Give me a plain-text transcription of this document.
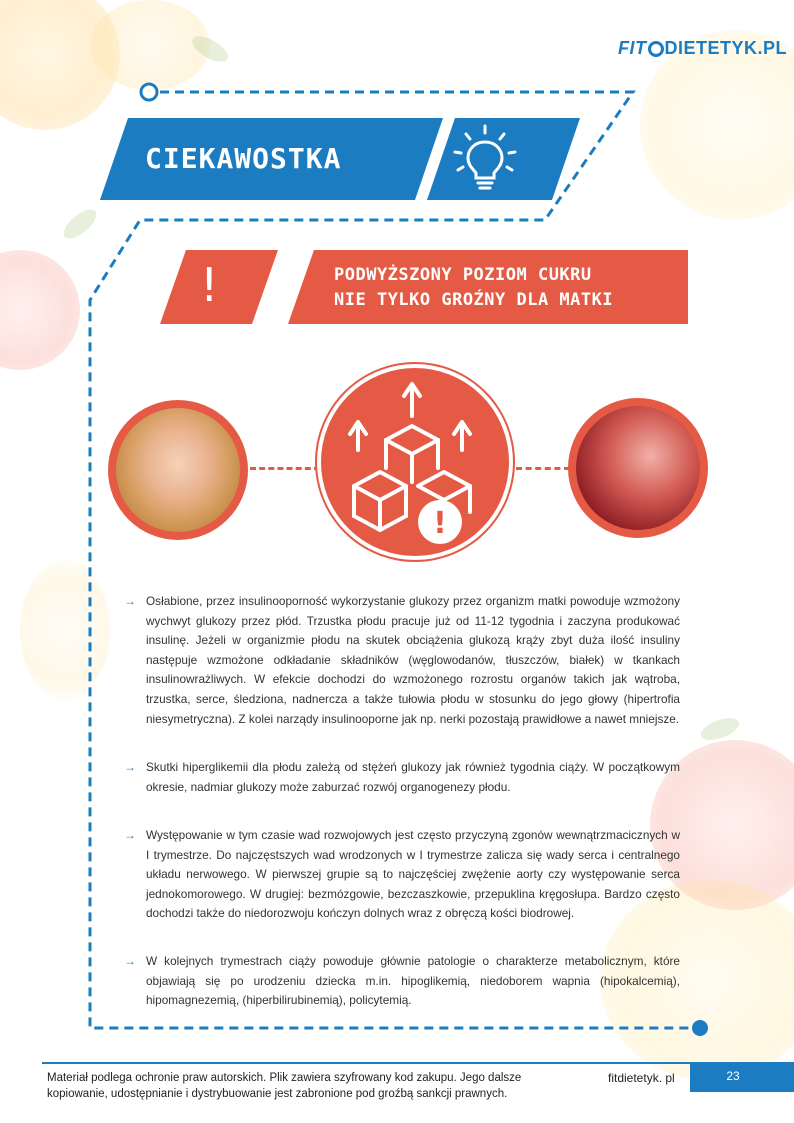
FIT DIETETYK.PL
CIEKAWOSTKA
!	PODWYŻSZONY POZIOM CUKRU
NIE TYLKO GROŹNY DLA MATKI
!
→ Osłabione, przez insulinooporność wykorzystanie glukozy przez organizm matki powoduje wzmożony wychwyt glukozy przez płód. Trzustka płodu pracuje już od 11-12 tygodnia i zaczyna produkować insulinę. Jeżeli w organizmie płodu na skutek obciążenia glukozą krąży zbyt duża ilość insuliny następuje wzmożone odkładanie składników (węglowodanów, tłuszczów, białek) w tkankach insulinowrażliwych. W efekcie dochodzi do wzmożonego rozrostu organów takich jak wątroba, trzustka, serce, śledziona, nadnercza a także tułowia płodu w stosunku do jego głowy (hipertrofia niesymetryczna). Z kolei narządy insulinooporne jak np. nerki pozostają prawidłowe a nawet mniejsze.
→ Skutki hiperglikemii dla płodu zależą od stężeń glukozy jak również tygodnia ciąży. W początkowym okresie, nadmiar glukozy może zaburzać rozwój organogenezy płodu.
→ Występowanie w tym czasie wad rozwojowych jest często przyczyną zgonów wewnątrzmacicznych w I trymestrze. Do najczęstszych wad wrodzonych w I trymestrze zalicza się wady serca i centralnego układu nerwowego. W pierwszej grupie są to najczęściej zwężenie aorty czy występowanie serca jednokomorowego. W drugiej: bezmózgowie, bezczaszkowie, przepuklina kręgosłupa. Bardzo często dochodzi także do niedorozwoju kończyn dolnych wraz z obręczą kości biodrowej.
→ W kolejnych trymestrach ciąży powoduje głównie patologie o charakterze metabolicznym, które objawiają się po urodzeniu dziecka m.in. hipoglikemią, niedoborem wapnia (hipokalcemią), hipomagnezemią, (hiperbilirubinemią), policytemią.
Materiał podlega ochronie praw autorskich. Plik zawiera szyfrowany kod zakupu. Jego dalsze
kopiowanie, udostępnianie i dystrybuowanie jest zabronione pod groźbą sankcji prawnych.
fitdietetyk. pl	23
